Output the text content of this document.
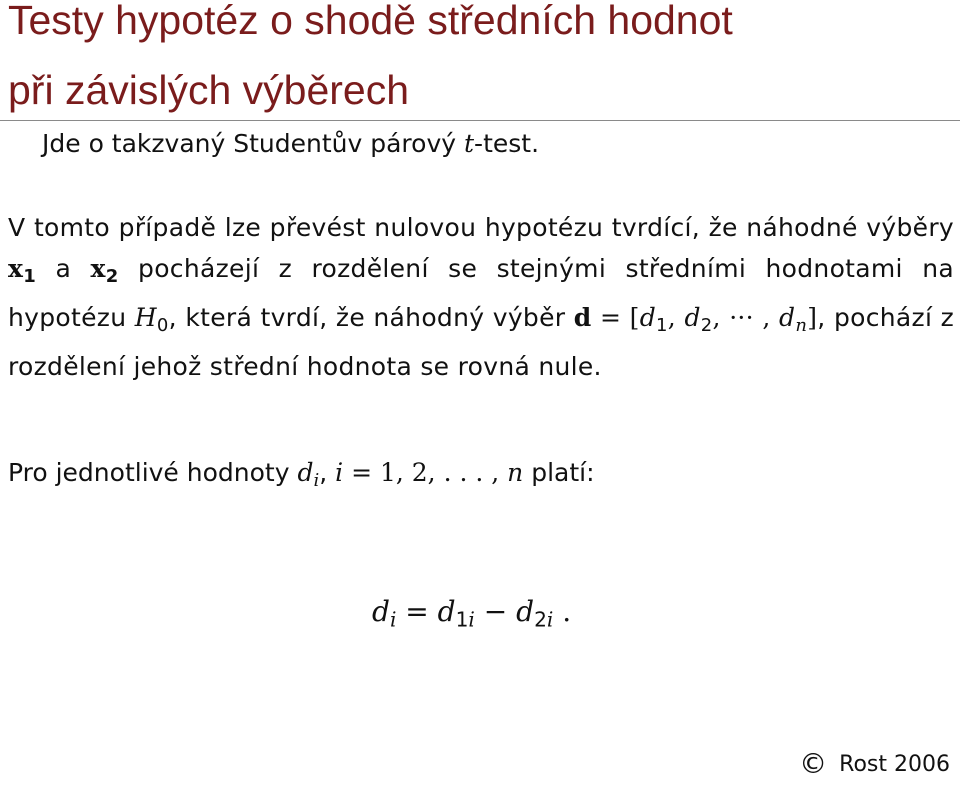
Testy hypotéz o shodě středních hodnot
při závislých výběrech
Jde o takzvaný Studentův párový t-test.
V tomto případě lze převést nulovou hypotézu tvrdící, že náhodné výběry $x_1$ a $x_2$ pocházejí z rozdělení se stejnými středními hodnotami na hypotézu $H_0$, která tvrdí, že náhodný výběr $d = [d_1$, $d_2$, ··· , $d_n$], pochází z rozdělení jehož střední hodnota se rovná nule.
Pro jednotlivé hodnoty $d_i$, i = 1, 2, . . . , n platí:
$d_i = d_{1i} - d_{2i}$ .
© Rost 2006
